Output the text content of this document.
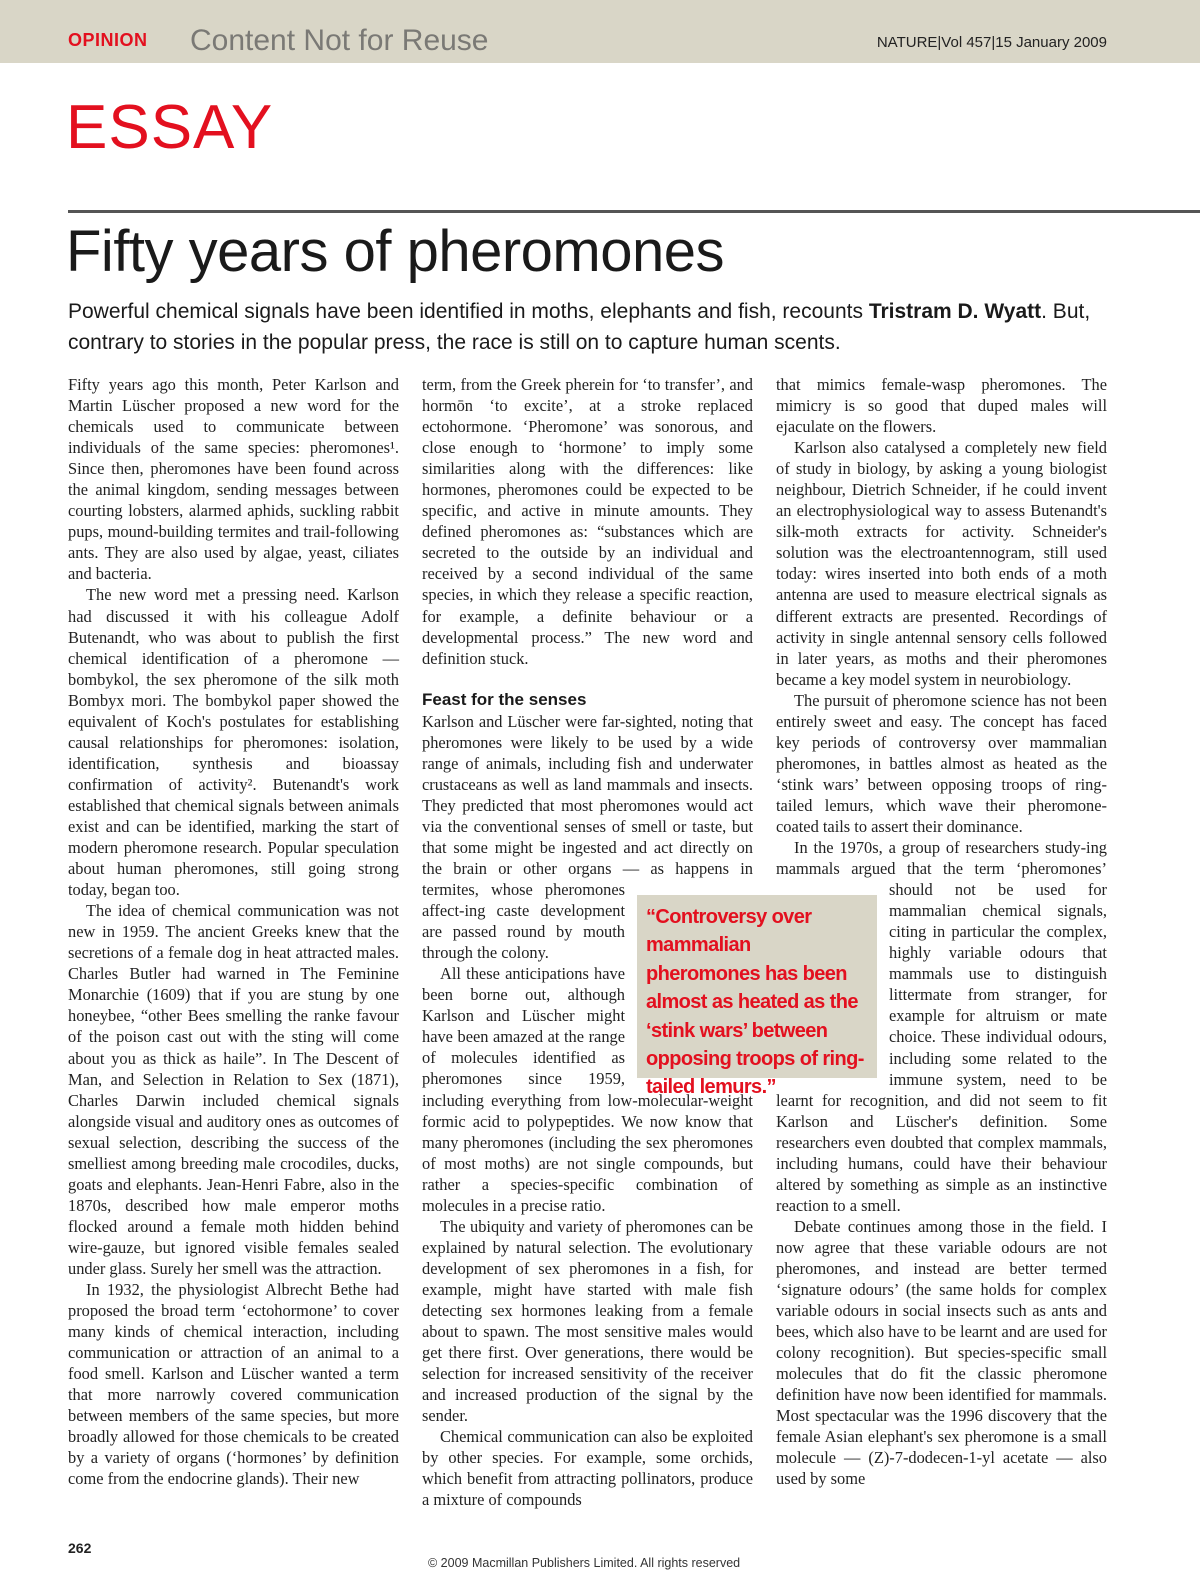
OPINION Content Not for Reuse	NATURE|Vol 457|15 January 2009
ESSAY
Fifty years of pheromones
Powerful chemical signals have been identified in moths, elephants and fish, recounts Tristram D. Wyatt. But, contrary to stories in the popular press, the race is still on to capture human scents.

Fifty years ago this month, Peter Karlson and Martin Lüscher proposed a new word for the chemicals used to communicate between individuals of the same species: pheromones¹. Since then, pheromones have been found across the animal kingdom, sending messages between courting lobsters, alarmed aphids, suckling rabbit pups, mound-building termites and trail-following ants. They are also used by algae, yeast, ciliates and bacteria.

The new word met a pressing need. Karlson had discussed it with his colleague Adolf Butenandt, who was about to publish the first chemical identification of a pheromone — bombykol, the sex pheromone of the silk moth Bombyx mori. The bombykol paper showed the equivalent of Koch's postulates for establishing causal relationships for pheromones: isolation, identification, synthesis and bioassay confirmation of activity². Butenandt's work established that chemical signals between animals exist and can be identified, marking the start of modern pheromone research. Popular speculation about human pheromones, still going strong today, began too.

The idea of chemical communication was not new in 1959. The ancient Greeks knew that the secretions of a female dog in heat attracted males. Charles Butler had warned in The Feminine Monarchie (1609) that if you are stung by one honeybee, “other Bees smelling the ranke favour of the poison cast out with the sting will come about you as thick as haile”. In The Descent of Man, and Selection in Relation to Sex (1871), Charles Darwin included chemical signals alongside visual and auditory ones as outcomes of sexual selection, describing the success of the smelliest among breeding male crocodiles, ducks, goats and elephants. Jean-Henri Fabre, also in the 1870s, described how male emperor moths flocked around a female moth hidden behind wire-gauze, but ignored visible females sealed under glass. Surely her smell was the attraction.

In 1932, the physiologist Albrecht Bethe had proposed the broad term ‘ectohormone’ to cover many kinds of chemical interaction, including communication or attraction of an animal to a food smell. Karlson and Lüscher wanted a term that more narrowly covered communication between members of the same species, but more broadly allowed for those chemicals to be created by a variety of organs (‘hormones’ by definition come from the endocrine glands). Their new

“Controversy over mammalian pheromones has been almost as heated as the ‘stink wars’ between opposing troops of ring-tailed lemurs.”

term, from the Greek pherein for ‘to transfer’, and hormōn ‘to excite’, at a stroke replaced ectohormone. ‘Pheromone’ was sonorous, and close enough to ‘hormone’ to imply some similarities along with the differences: like hormones, pheromones could be expected to be specific, and active in minute amounts. They defined pheromones as: “substances which are secreted to the outside by an individual and received by a second individual of the same species, in which they release a specific reaction, for example, a definite behaviour or a developmental process.” The new word and definition stuck.

Feast for the senses

Karlson and Lüscher were far-sighted, noting that pheromones were likely to be used by a wide range of animals, including fish and underwater crustaceans as well as land mammals and insects. They predicted that most pheromones would act via the conventional senses of smell or taste, but that some might be ingested and act directly on the brain or other organs — as happens in termites, whose pheromones affect-ing caste development are passed round by mouth through the colony.

All these anticipations have been borne out, although Karlson and Lüscher might have been amazed at the range of molecules identified as pheromones since 1959, including everything from low-molecular-weight formic acid to polypeptides. We now know that many pheromones (including the sex pheromones of most moths) are not single compounds, but rather a species-specific combination of molecules in a precise ratio.

The ubiquity and variety of pheromones can be explained by natural selection. The evolutionary development of sex pheromones in a fish, for example, might have started with male fish detecting sex hormones leaking from a female about to spawn. The most sensitive males would get there first. Over generations, there would be selection for increased sensitivity of the receiver and increased production of the signal by the sender.

Chemical communication can also be exploited by other species. For example, some orchids, which benefit from attracting pollinators, produce a mixture of compounds

that mimics female-wasp pheromones. The mimicry is so good that duped males will ejaculate on the flowers.

Karlson also catalysed a completely new field of study in biology, by asking a young biologist neighbour, Dietrich Schneider, if he could invent an electrophysiological way to assess Butenandt's silk-moth extracts for activity. Schneider's solution was the electroantennogram, still used today: wires inserted into both ends of a moth antenna are used to measure electrical signals as different extracts are presented. Recordings of activity in single antennal sensory cells followed in later years, as moths and their pheromones became a key model system in neurobiology.

The pursuit of pheromone science has not been entirely sweet and easy. The concept has faced key periods of controversy over mammalian pheromones, in battles almost as heated as the ‘stink wars’ between opposing troops of ring-tailed lemurs, which wave their pheromone-coated tails to assert their dominance.

In the 1970s, a group of researchers study-ing mammals argued that the term ‘pheromones’ should not be used for mammalian chemical signals, citing in particular the complex, highly variable odours that mammals use to distinguish littermate from stranger, for example for altruism or mate choice. These individual odours, including some related to the immune system, need to be learnt for recognition, and did not seem to fit Karlson and Lüscher's definition. Some researchers even doubted that complex mammals, including humans, could have their behaviour altered by something as simple as an instinctive reaction to a smell.

Debate continues among those in the field. I now agree that these variable odours are not pheromones, and instead are better termed ‘signature odours’ (the same holds for complex variable odours in social insects such as ants and bees, which also have to be learnt and are used for colony recognition). But species-specific small molecules that do fit the classic pheromone definition have now been identified for mammals. Most spectacular was the 1996 discovery that the female Asian elephant's sex pheromone is a small molecule — (Z)-7-dodecen-1-yl acetate — also used by some

262
© 2009 Macmillan Publishers Limited. All rights reserved
